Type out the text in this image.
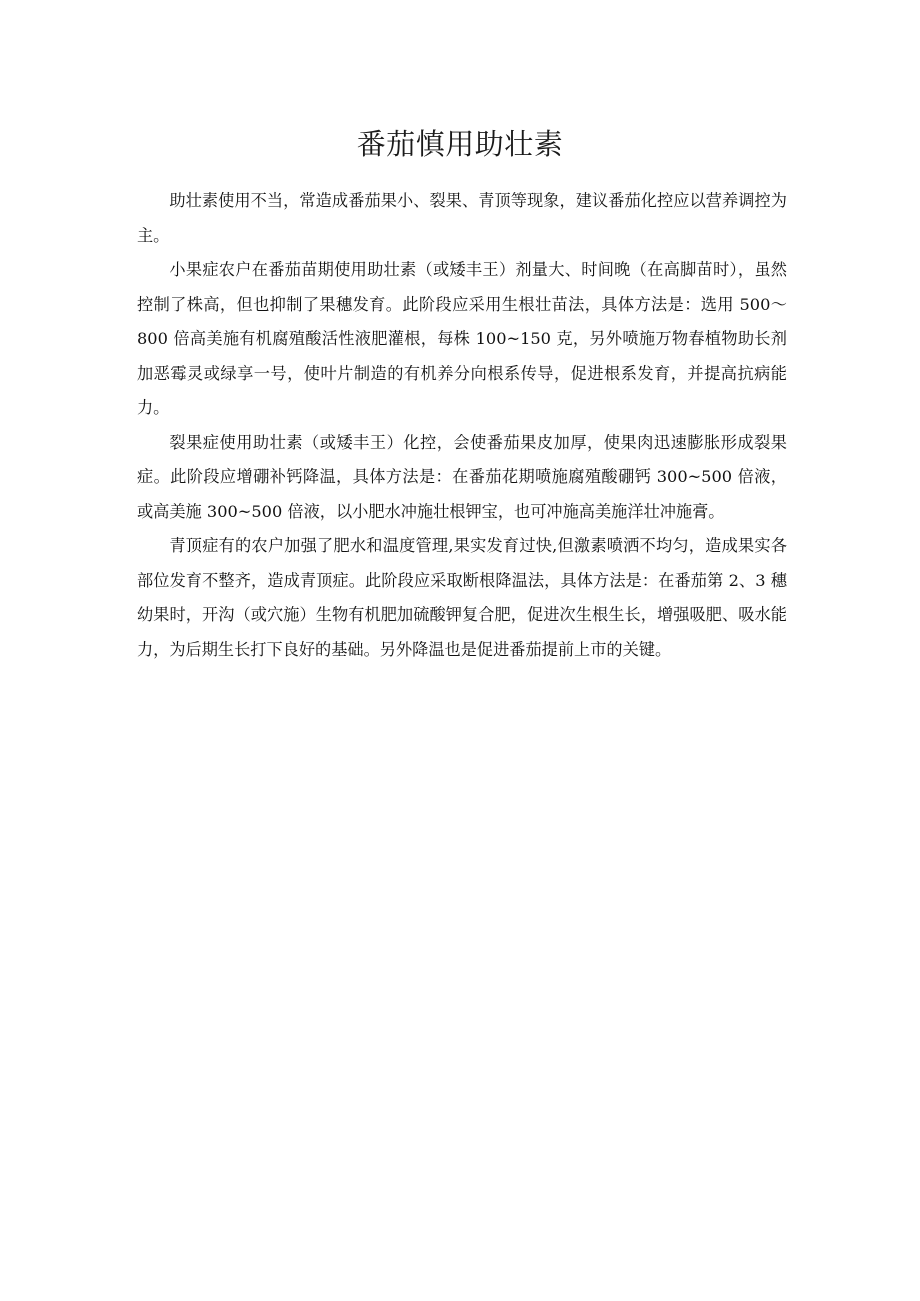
番茄慎用助壮素

助壮素使用不当，常造成番茄果小、裂果、青顶等现象，建议番茄化控应以营养调控为主。

小果症农户在番茄苗期使用助壮素（或矮丰王）剂量大、时间晚（在高脚苗时），虽然控制了株高，但也抑制了果穗发育。此阶段应采用生根壮苗法，具体方法是：选用 500～800 倍高美施有机腐殖酸活性液肥灌根，每株 100~150 克，另外喷施万物春植物助长剂加恶霉灵或绿享一号，使叶片制造的有机养分向根系传导，促进根系发育，并提高抗病能力。

裂果症使用助壮素（或矮丰王）化控，会使番茄果皮加厚，使果肉迅速膨胀形成裂果症。此阶段应增硼补钙降温，具体方法是：在番茄花期喷施腐殖酸硼钙 300~500 倍液，或高美施 300~500 倍液，以小肥水冲施壮根钾宝，也可冲施高美施洋壮冲施膏。

青顶症有的农户加强了肥水和温度管理,果实发育过快,但激素喷洒不均匀，造成果实各部位发育不整齐，造成青顶症。此阶段应采取断根降温法，具体方法是：在番茄第 2、3 穗幼果时，开沟（或穴施）生物有机肥加硫酸钾复合肥，促进次生根生长，增强吸肥、吸水能力，为后期生长打下良好的基础。另外降温也是促进番茄提前上市的关键。
